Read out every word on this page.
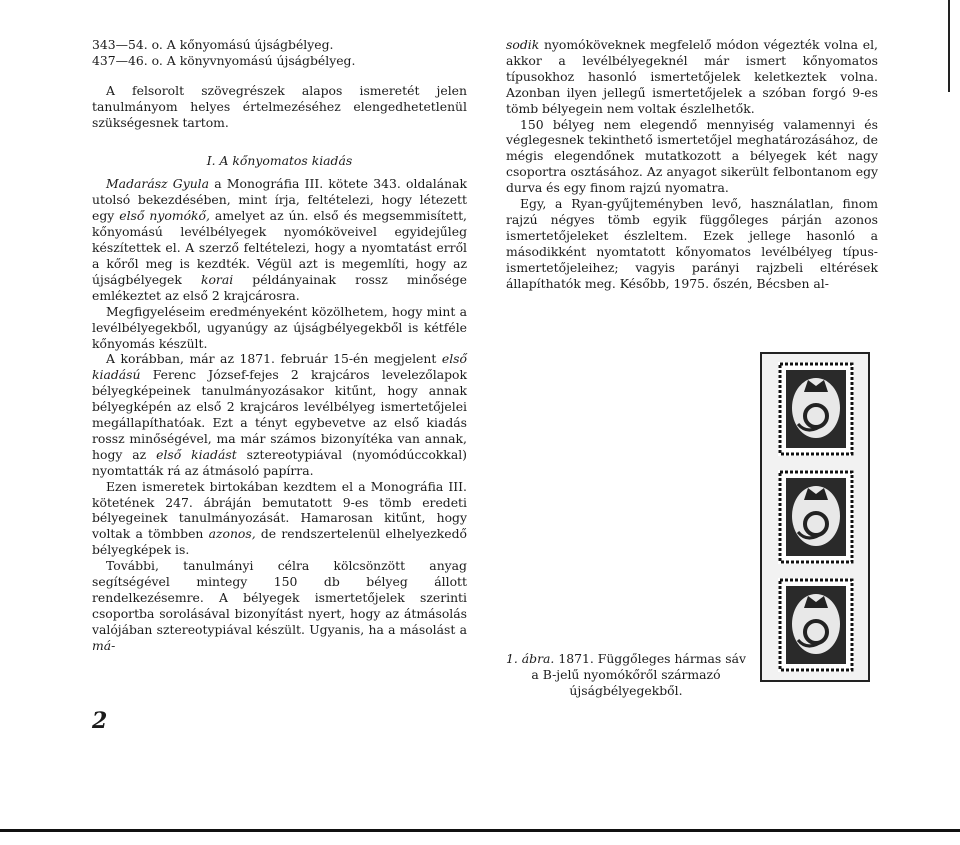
343—54. o. A kőnyomású újságbélyeg.

437—46. o. A könyvnyomású újságbélyeg.

A felsorolt szövegrészek alapos ismeretét jelen tanulmányom helyes értelmezéséhez elengedhetetlenül szükségesnek tartom.

I. A kőnyomatos kiadás

Madarász Gyula a Monográfia III. kötete 343. oldalának utolsó bekezdésében, mint írja, feltételezi, hogy létezett egy első nyomókő, amelyet az ún. első és megsemmisített, kőnyomású levélbélyegek nyomóköveivel egyidejűleg készítettek el. A szerző feltételezi, hogy a nyomtatást erről a kőről meg is kezdték. Végül azt is megemlíti, hogy az újságbélyegek korai példányainak rossz minősége emlékeztet az első 2 krajcárosra.

Megfigyeléseim eredményeként közölhetem, hogy mint a levélbélyegekből, ugyanúgy az újságbélyegekből is kétféle kőnyomás készült.

A korábban, már az 1871. február 15-én megjelent első kiadású Ferenc József-fejes 2 krajcáros levelezőlapok bélyegképeinek tanulmányozásakor kitűnt, hogy annak bélyegképén az első 2 krajcáros levélbélyeg ismertetőjelei megállapíthatóak. Ezt a tényt egybevetve az első kiadás rossz minőségével, ma már számos bizonyítéka van annak, hogy az első kiadást sztereotypiával (nyomódúccokkal) nyomtatták rá az átmásoló papírra.

Ezen ismeretek birtokában kezdtem el a Monográfia III. kötetének 247. ábráján bemutatott 9-es tömb eredeti bélyegeinek tanulmányozását. Hamarosan kitűnt, hogy voltak a tömbben azonos, de rendszertelenül elhelyezkedő bélyegképek is.

További, tanulmányi célra kölcsönzött anyag segítségével mintegy 150 db bélyeg állott rendelkezésemre. A bélyegek ismertetőjelek szerinti csoportba sorolásával bizonyítást nyert, hogy az átmásolás valójában sztereotypiával készült. Ugyanis, ha a másolást a má-

sodik nyomóköveknek megfelelő módon végezték volna el, akkor a levélbélyegeknél már ismert kőnyomatos típusokhoz hasonló ismertetőjelek keletkeztek volna. Azonban ilyen jellegű ismertetőjelek a szóban forgó 9-es tömb bélyegein nem voltak észlelhetők.

150 bélyeg nem elegendő mennyiség valamennyi és véglegesnek tekinthető ismertetőjel meghatározásához, de mégis elegendőnek mutatkozott a bélyegek két nagy csoportra osztásához. Az anyagot sikerült felbontanom egy durva és egy finom rajzú nyomatra.

Egy, a Ryan-gyűjteményben levő, használatlan, finom rajzú négyes tömb egyik függőleges párján azonos ismertetőjeleket észleltem. Ezek jellege hasonló a másodikként nyomtatott kőnyomatos levélbélyeg típus-ismertetőjeleihez; vagyis parányi rajzbeli eltérések állapíthatók meg. Később, 1975. őszén, Bécsben al-

1. ábra. 1871. Függőleges hármas sáv a B-jelű nyomókőről származó újságbélyegekből.
2
